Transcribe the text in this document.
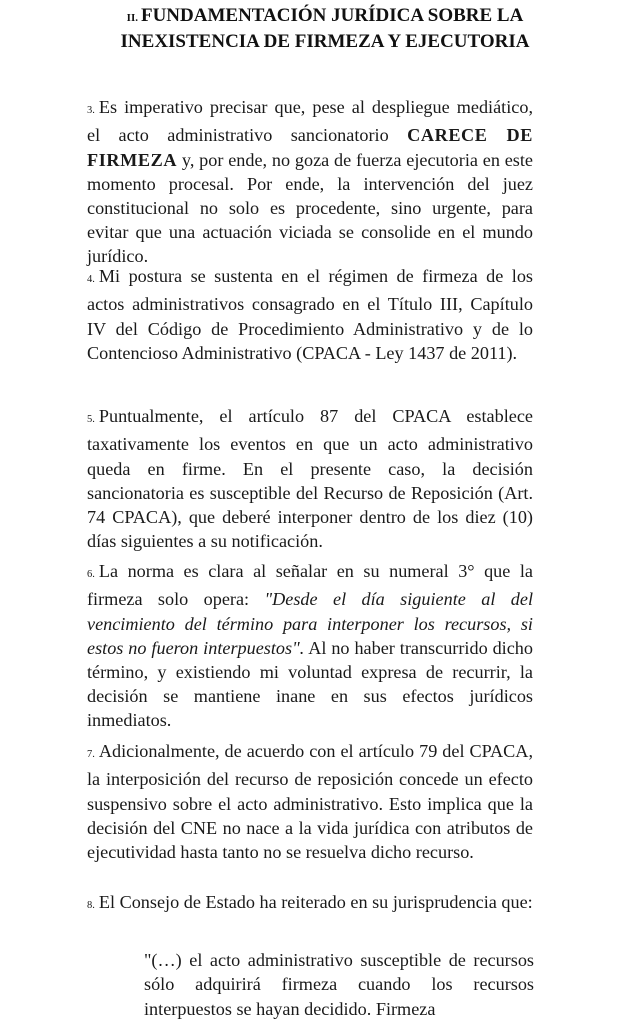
II. FUNDAMENTACIÓN JURÍDICA SOBRE LA INEXISTENCIA DE FIRMEZA Y EJECUTORIA

3. Es imperativo precisar que, pese al despliegue mediático, el acto administrativo sancionatorio CARECE DE FIRMEZA y, por ende, no goza de fuerza ejecutoria en este momento procesal. Por ende, la intervención del juez constitucional no solo es procedente, sino urgente, para evitar que una actuación viciada se consolide en el mundo jurídico.

4. Mi postura se sustenta en el régimen de firmeza de los actos administrativos consagrado en el Título III, Capítulo IV del Código de Procedimiento Administrativo y de lo Contencioso Administrativo (CPACA - Ley 1437 de 2011).

5. Puntualmente, el artículo 87 del CPACA establece taxativamente los eventos en que un acto administrativo queda en firme. En el presente caso, la decisión sancionatoria es susceptible del Recurso de Reposición (Art. 74 CPACA), que deberé interponer dentro de los diez (10) días siguientes a su notificación.

6. La norma es clara al señalar en su numeral 3° que la firmeza solo opera: "Desde el día siguiente al del vencimiento del término para interponer los recursos, si estos no fueron interpuestos". Al no haber transcurrido dicho término, y existiendo mi voluntad expresa de recurrir, la decisión se mantiene inane en sus efectos jurídicos inmediatos.

7. Adicionalmente, de acuerdo con el artículo 79 del CPACA, la interposición del recurso de reposición concede un efecto suspensivo sobre el acto administrativo. Esto implica que la decisión del CNE no nace a la vida jurídica con atributos de ejecutividad hasta tanto no se resuelva dicho recurso.

8. El Consejo de Estado ha reiterado en su jurisprudencia que:

"(…) el acto administrativo susceptible de recursos sólo adquirirá firmeza cuando los recursos interpuestos se hayan decidido. Firmeza
